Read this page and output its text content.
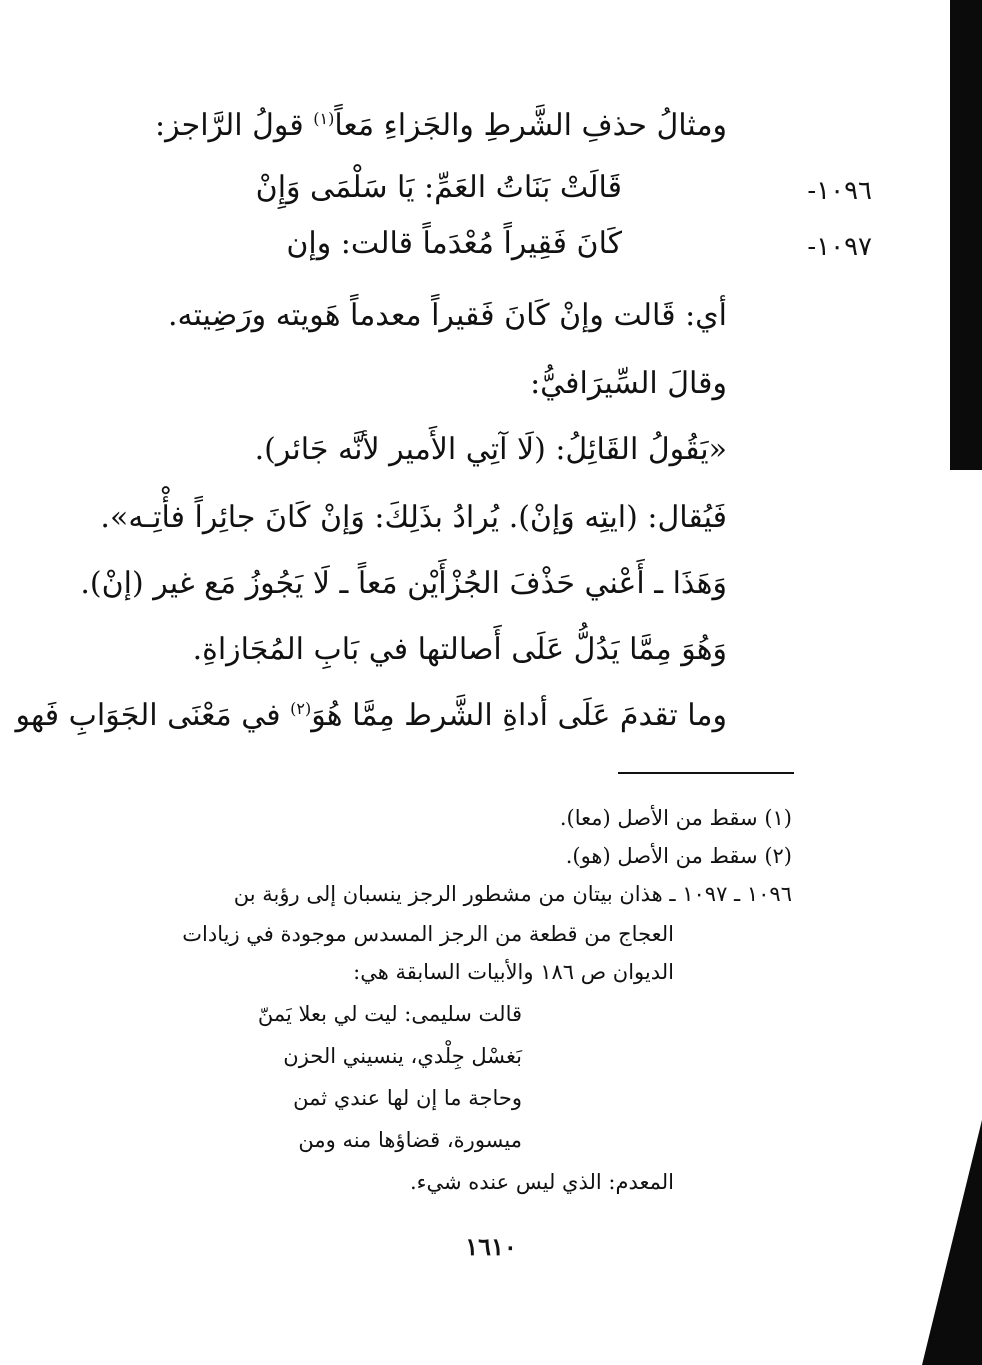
ومثالُ حذفِ الشَّرطِ والجَزاءِ مَعاً$^{(١)}$ قولُ الرَّاجز:
قَالَتْ بَنَاتُ العَمِّ: يَا سَلْمَى وَإِنْ	١٠٩٦-
كَانَ فَقِيراً مُعْدَماً قالت: وإن	١٠٩٧-
أي: قَالت وإنْ كَانَ فَقيراً معدماً هَويته ورَضِيته.
وقالَ السِّيرَافيُّ:
«يَقُولُ القَائِلُ: (لَا آتِي الأَمير لأنَّه جَائر).
فَيُقال: (ايتِه وَإنْ). يُرادُ بذَلِكَ: وَإنْ كَانَ جائِراً فأْتِـه».
وَهَذَا ـ أَعْني حَذْفَ الجُزْأَيْن مَعاً ـ لَا يَجُوزُ مَع غير (إنْ).
وَهُوَ مِمَّا يَدُلُّ عَلَى أَصالتها في بَابِ المُجَازاةِ.
وما تقدمَ عَلَى أداةِ الشَّرط مِمَّا هُوَ$^{(٢)}$ في مَعْنَى الجَوَابِ فَهو
(١) سقط من الأصل (معا).
(٢) سقط من الأصل (هو).
١٠٩٦ ـ ١٠٩٧ ـ هذان بيتان من مشطور الرجز ينسبان إلى رؤبة بن
العجاج من قطعة من الرجز المسدس موجودة في زيادات
الديوان ص ١٨٦ والأبيات السابقة هي:
قالت سليمى: ليت لي بعلا يَمنّ
بَغسْل جِلْدي، ينسيني الحزن
وحاجة ما إن لها عندي ثمن
ميسورة، قضاؤها منه ومن
المعدم: الذي ليس عنده شيء.
١٦١٠
